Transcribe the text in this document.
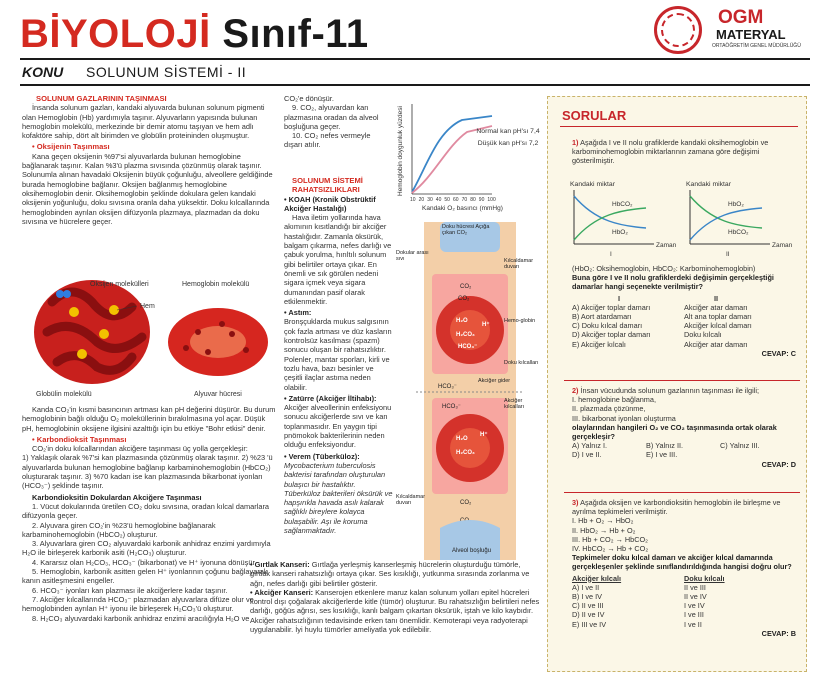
BİYOLOJİ Sınıf-11	OGM
MATERYAL
ORTAÖĞRETİM GENEL MÜDÜRLÜĞÜ
KONU SOLUNUM SİSTEMİ - II
SOLUNUM GAZLARININ TAŞINMASI
İnsanda solunum gazları, kandaki alyuvarda bulunan solunum pigmenti olan Hemoglobin (Hb) yardımıyla taşınır. Alyuvarların yapısında bulunan hemoglobin molekülü, merkezinde bir demir atomu taşıyan ve hem adlı kofaktöre sahip, dört alt birimden ve globülin proteininden oluşmuştur.
• Oksijenin Taşınması
Kana geçen oksijenin %97'si alyuvarlarda bulunan hemoglobine bağlanarak taşınır. Kalan %3'ü plazma sıvısında çözünmüş olarak taşınır. Solunumla alınan havadaki Oksijenin büyük çoğunluğu, alveollere geldiğinde burada hemoglobine bağlanır. Oksijen bağlanmış hemoglobine oksihemoglobin denir. Oksihemoglobin şeklinde dokulara gelen kandaki oksijenin yoğunluğu, doku sıvısına oranla daha yüksektir. Doku kılcallarında hemoglobinden ayrılan oksijen difüzyonla plazmaya, plazmadan da doku sıvısına ve hücrelere geçer.
Oksijen molekülleri
Hem
Globülin molekülü
Hemoglobin molekülü
Alyuvar hücresi
Kanda CO₂'in kısmi basıncının artması kan pH değerini düşürür. Bu durum hemoglobinin bağlı olduğu O₂ moleküllerinin bırakılmasına yol açar. Düşük pH, hemoglobinin oksijene ilgisini azalttığı için bu etkiye "Bohr etkisi" denir.
• Karbondioksit Taşınması
CO₂'in doku kılcallarından akciğere taşınması üç yolla gerçekleşir:
1) Yaklaşık olarak %7'si kan plazmasında çözünmüş olarak taşınır. 2) %23 'ü alyuvarlarda bulunan hemoglobine bağlanıp karbaminohemoglobin (HbCO₂) oluşturarak taşınır. 3) %70 kadarı ise kan plazmasında bikarbonat iyonları (HCO₃⁻) şeklinde taşınır.
Karbondioksitin Dokulardan Akciğere Taşınması
1. Vücut dokularında üretilen CO₂ doku sıvısına, oradan kılcal damarlara difüzyonla geçer.
2. Alyuvara giren CO₂'in %23'ü hemoglobine bağlanarak karbaminohemoglobin (HbCO₂) oluşturur.
3. Alyuvarlara giren CO₂ alyuvardaki karbonik anhidraz enzimi yardımıyla H₂O ile birleşerek karbonik asiti (H₂CO₃) oluşturur.
4. Kararsız olan H₂CO₃, HCO₃⁻ (bikarbonat) ve H⁺ iyonuna dönüşür.
5. Hemoglobin, karbonik asitten gelen H⁺ iyonlarının çoğunu bağlayarak kanın asitleşmesini engeller.
6. HCO₃⁻ iyonları kan plazması ile akciğerlere kadar taşınır.
7. Akciğer kılcallarında HCO₃⁻ plazmadan alyuvarlara difüze olur ve hemoglobinden ayrılan H⁺ iyonu ile birleşerek H₂CO₃'ü oluşturur.
8. H₂CO₃ alyuvardaki karbonik anhidraz enzimi aracılığıyla H₂O ve
CO₂'e dönüşür.
9. CO₂, alyuvardan kan plazmasına oradan da alveol boşluğuna geçer.
10. CO₂ nefes vermeyle dışarı atılır.	Hemoglobin doygunluk yüzdesi
10 20 30 40 50 60 70 80 90 100
Kandaki O₂ basıncı (mmHg)
Normal kan pH'sı 7,4
Düşük kan pH'sı 7,2
SOLUNUM SİSTEMİ RAHATSIZLIKLARI
• KOAH (Kronik Obstrüktif Akciğer Hastalığı)
Hava iletim yollarında hava akımının kısıtlandığı bir akciğer hastalığıdır. Zamanla öksürük, balgam çıkarma, nefes darlığı ve çabuk yorulma, hırıltılı solunum gibi belirtiler ortaya çıkar. En önemli ve sık görülen nedeni sigara içmek veya sigara dumanından pasif olarak etkilenmektir.
• Astım:
Bronşçuklarda mukus salgısının çok fazla artması ve düz kasların kontrolsüz kasılması (spazm) sonucu oluşan bir rahatsızlıktır. Polenler, mantar sporları, kirli ve tozlu hava, bazı besinler ve çeşitli ilaçlar astıma neden olabilir.
• Zatürre (Akciğer İltihabı):
Akciğer alveollerinin enfeksiyonu sonucu akciğerlerde sıvı ve kan toplanmasıdır. En yaygın tipi pnömokok bakterilerinin neden olduğu enfeksiyondur.
• Verem (Tüberküloz):
Mycobacterium tuberculosis bakterisi tarafından oluşturulan bulaşıcı bir hastalıktır. Tüberküloz bakterileri öksürük ve hapşırıkla havada asılı kalarak sağlıklı bireylere kolayca bulaşabilir. Aşı ile koruma sağlanmaktadır.
• Gırtlak Kanseri: Gırtlağa yerleşmiş kanserleşmiş hücrelerin oluşturduğu tümörle, gırtlak kanseri rahatsızlığı ortaya çıkar. Ses kısıklığı, yutkunma sırasında zorlanma ve ağrı, nefes darlığı gibi belirtiler gösterir.
• Akciğer Kanseri: Kanserojen etkenlere maruz kalan solunum yolları epitel hücreleri kontrol dışı çoğalarak akciğerlerde kitle (tümör) oluşturur. Bu rahatsızlığın belirtileri nefes darlığı, göğüs ağrısı, ses kısıklığı, kanlı balgam çıkartan öksürük, iştah ve kilo kaybıdır. Akciğer rahatsızlığının tedavisinde erken tanı önemlidir. Kemoterapi veya radyoterapi uygulanabilir. İyi huylu tümörler ameliyatla yok edilebilir.
Doku hücresi Açığa çıkan CO₂
Dokular arası sıvı	Kılcaldamar duvarı
H₂O
H₂CO₃
HCO₃⁻
H⁺
CO₂
CO₂
HCO₃⁻
Hemo-globin
Doku kılcalları
Akciğer gider
H₂O
H₂CO₃
H⁺
HCO₃⁻
CO₂
Akciğer kılcalları
Kılcaldamar duvarı
Alveol boşluğu
SORULAR
1) Aşağıda I ve II nolu grafiklerde kandaki oksihemoglobin ve karbominohemoglobin miktarlarının zamana göre değişimi gösterilmiştir.
Kandaki miktar
HbCO₂
HbO₂
Zaman
I
Kandaki miktar
HbO₂
HbCO₂
Zaman
II
(HbO₂: Oksihemoglobin, HbCO₂: Karbominohemoglobin)
Buna göre I ve II nolu grafiklerdeki değişimin gerçekleştiği damarlar hangi seçenekte verilmiştir?
I	II
A) Akciğer toplar damarı	Akciğer atar damarı
B) Aort atardamarı	Alt ana toplar damarı
C) Doku kılcal damarı	Akciğer kılcal damarı
D) Akciğer toplar damarı	Doku kılcalı
E) Akciğer kılcalı	Akciğer atar damarı
CEVAP: C
2) İnsan vücudunda solunum gazlarının taşınması ile ilgili;
I. hemoglobine bağlanma,
II. plazmada çözünme,
III. bikarbonat iyonları oluşturma
olaylarından hangileri O₂ ve CO₂ taşınmasında ortak olarak gerçekleşir?
A) Yalnız I.	B) Yalnız II.	C) Yalnız III.
D) I ve II.	E) I ve III.
CEVAP: D
3) Aşağıda oksijen ve karbondioksitin hemoglobin ile birleşme ve ayrılma tepkimeleri verilmiştir.
I. Hb + O₂ → HbO₂
II. HbO₂ → Hb + O₂
III. Hb + CO₂ → HbCO₂
IV. HbCO₂ → Hb + CO₂
Tepkimeler doku kılcal damarı ve akciğer kılcal damarında gerçekleşenler şeklinde sınıflandırıldığında hangisi doğru olur?
Akciğer kılcalı	Doku kılcalı
A) I ve II	II ve III
B) I ve IV	II ve IV
C) II ve III	I ve IV
D) II ve IV	I ve III
E) III ve IV	I ve II
CEVAP: B
